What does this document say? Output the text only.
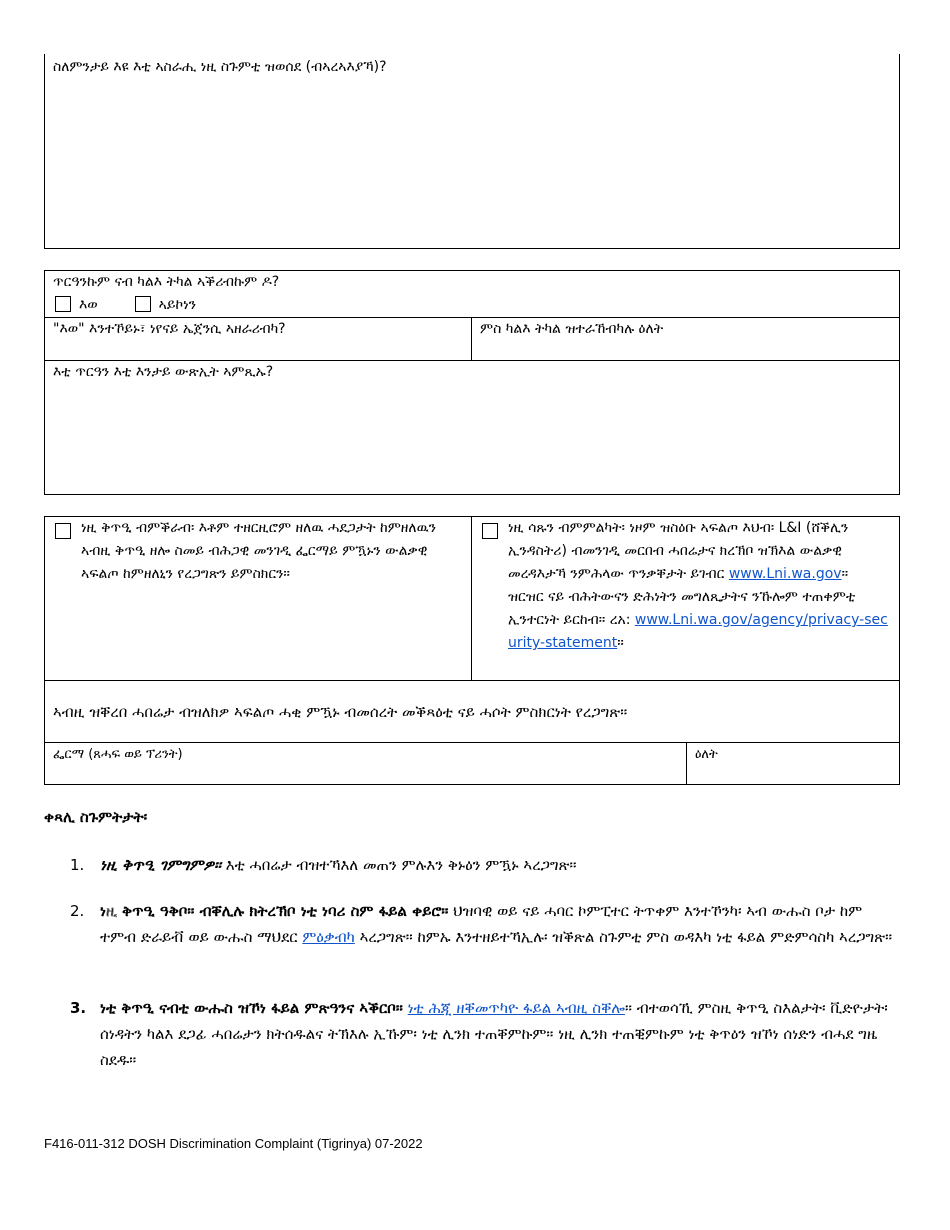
ስለምንታይ እዩ እቲ ኣስራሒ ነዚ ስጉምቲ ዝወሰደ (ብኣረኣእያኻ)?
ጥርዓንኩም ናብ ካልእ ትካል ኣቕሪብኩም ዶ?
እወ	ኣይኮነን
"እወ" እንተኾይኑ፣ ነየናይ ኤጀንሲ ኣዘራሪብካ?	ምስ ካልእ ትካል ዝተራኸብካሉ ዕለት
እቲ ጥርዓን እቲ እንታይ ውጽኢት ኣምጺኡ?
ነዚ ቅጥዒ ብምቕራብ፡ እቶም ተዘርዚሮም ዘለዉ ሓደጋታት ከምዘለዉን ኣብዚ ቅጥዒ ዘሎ ስመይ ብሕጋዊ መንገዲ ፌርማይ ምዃኑን ውልቃዊ ኣፍልጦ ከምዘለኒን የረጋግጽን ይምስክርን።
ነዚ ሳጹን ብምምልካት፡ ነዞም ዝስዕቡ ኣፍልጦ እህብ፡ L&I (ሸቕሊን ኢንዳስትሪ) ብመንገዲ መርበብ ሓበሬታና ክረኽቦ ዝኽእል ውልቃዊ መረዳእታኻ ንምሕላው ጥንቃቐታት ይገብር www.Lni.wa.gov። ዝርዝር ናይ ብሕትውናን ድሕነትን መግለጺታትና ንኹሎም ተጠቀምቲ ኢንተርነት ይርከብ። ረአ: www.Lni.wa.gov/agency/privacy-security-statement።
ኣብዚ ዝቐረበ ሓበሬታ ብዝለክዎ ኣፍልጦ ሓቂ ምዃኑ ብመሰረት መቕጻዕቲ ናይ ሓሶት ምስክርነት የረጋግጽ።
ፌርማ (ጸሓፍ ወይ ፕሪንት)	ዕለት
ቀጻሊ ስጉምትታት፡
1. ነዚ ቅጥዒ ገምግምዎ። እቲ ሓበሬታ ብዝተኻእለ መጠን ምሉእን ቅኑዕን ምዃኑ ኣረጋግጽ።
2. ነዚ ቅጥዒ ዓቅቦ። ብቐሊሉ ክትረኽቦ ነቲ ነባሪ ስም ፋይል ቀይሮ። ህዝባዊ ወይ ናይ ሓባር ኮምፒተር ትጥቀም እንተኾንካ፡ ኣብ ውሑስ ቦታ ከም ተምብ ድራይቭ ወይ ውሑስ ማህደር ምዕቃብካ ኣረጋግጽ። ከምኡ እንተዘይተኻኢሉ፡ ዝቕጽል ስጉምቲ ምስ ወዳእካ ነቲ ፋይል ምድምሳስካ ኣረጋግጽ።
3. ነቲ ቅጥዒ ናብቲ ውሑስ ዝኾነ ፋይል ምጽዓንና ኣቕርቦ። ነቲ ሕጂ ዘቐመጥካዮ ፋይል ኣብዚ ስቐሎ። ብተወሳኺ ምስዚ ቅጥዒ ስእልታት፡ ቪድዮታት፡ ሰነዳትን ካልእ ደጋፊ ሓበሬታን ክትሰዱልና ትኽእሉ ኢኹም፡ ነቲ ሊንክ ተጠቐምኩም። ነዚ ሊንክ ተጠቒምኩም ነቲ ቅጥዕን ዝኾነ ሰነድን ብሓደ ግዜ ስደዱ።
F416-011-312 DOSH Discrimination Complaint (Tigrinya) 07-2022
